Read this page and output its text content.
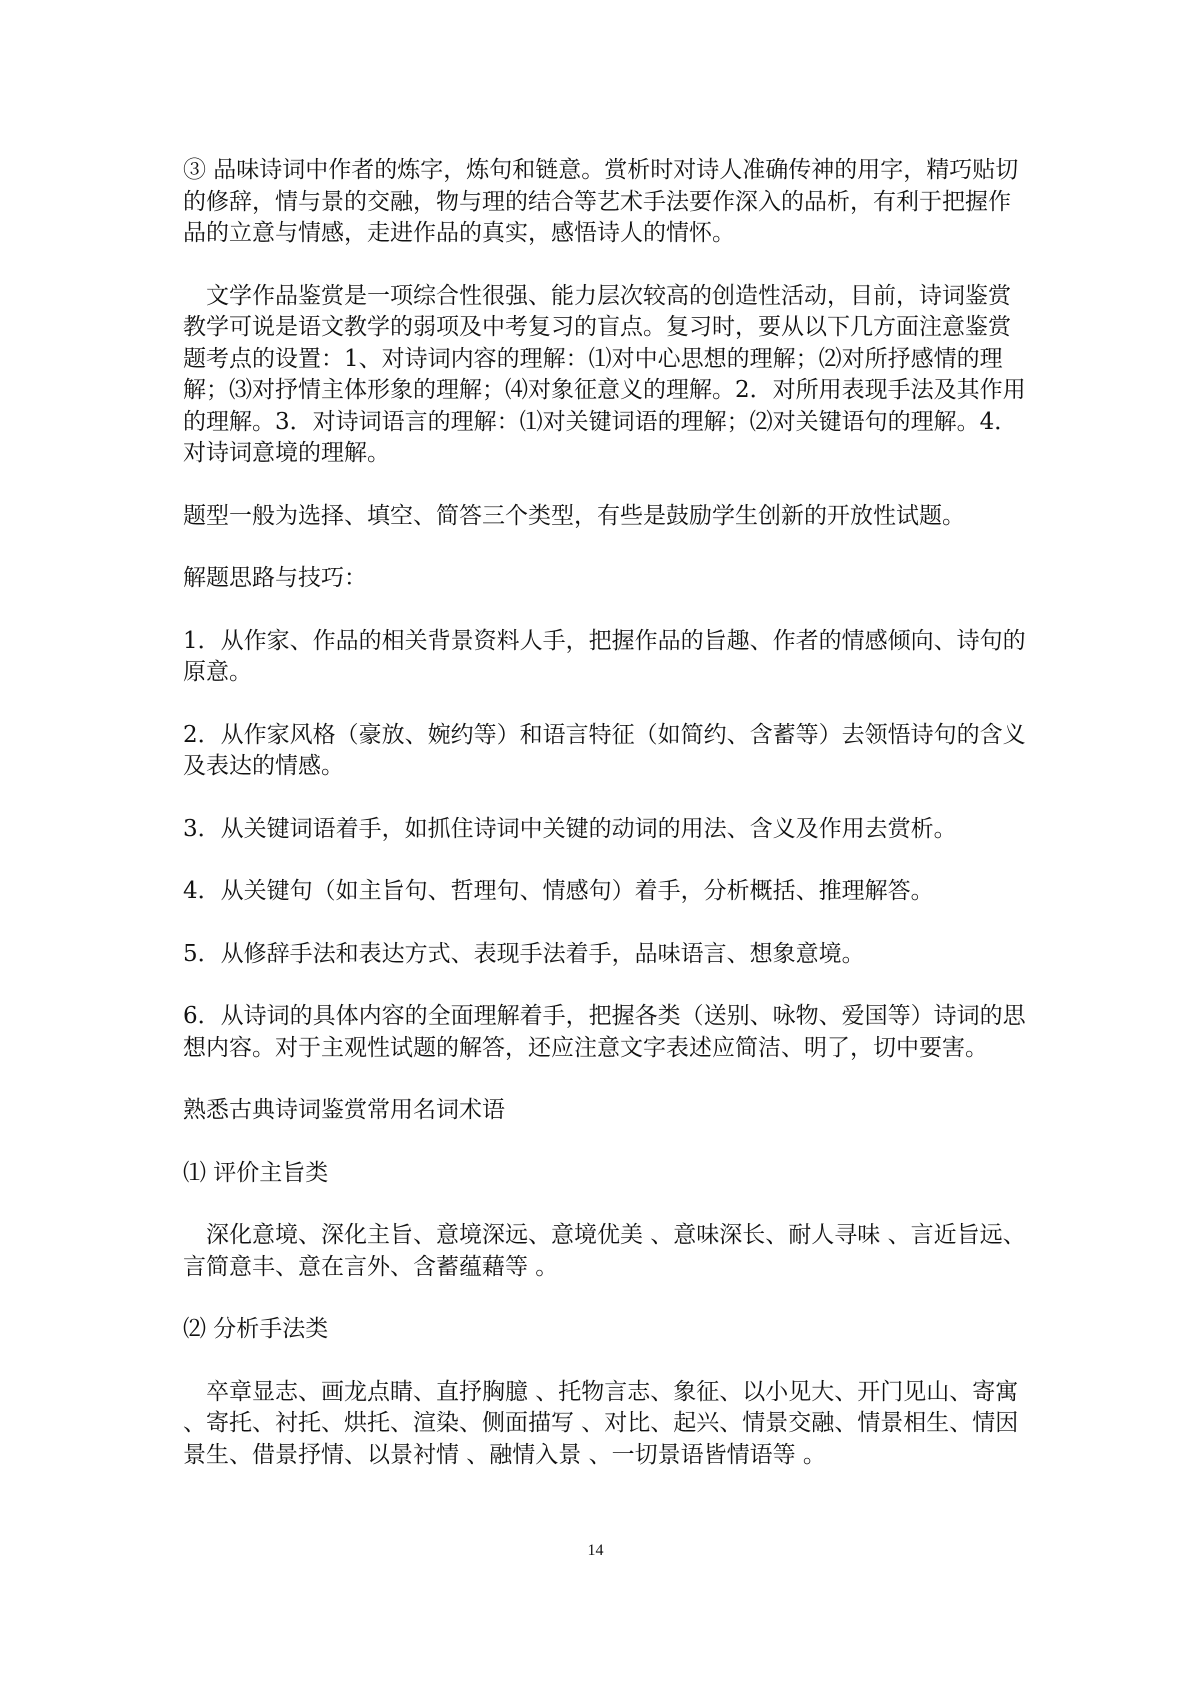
③ 品味诗词中作者的炼字，炼句和链意。赏析时对诗人准确传神的用字，精巧贴切的修辞，情与景的交融，物与理的结合等艺术手法要作深入的品析，有利于把握作品的立意与情感，走进作品的真实，感悟诗人的情怀。

文学作品鉴赏是一项综合性很强、能力层次较高的创造性活动，目前，诗词鉴赏教学可说是语文教学的弱项及中考复习的盲点。复习时，要从以下几方面注意鉴赏题考点的设置：1、对诗词内容的理解：⑴对中心思想的理解；⑵对所抒感情的理解；⑶对抒情主体形象的理解；⑷对象征意义的理解。2．对所用表现手法及其作用的理解。3．对诗词语言的理解：⑴对关键词语的理解；⑵对关键语句的理解。4．对诗词意境的理解。

题型一般为选择、填空、简答三个类型，有些是鼓励学生创新的开放性试题。

解题思路与技巧：

1．从作家、作品的相关背景资料人手，把握作品的旨趣、作者的情感倾向、诗句的原意。

2．从作家风格（豪放、婉约等）和语言特征（如简约、含蓄等）去领悟诗句的含义及表达的情感。

3．从关键词语着手，如抓住诗词中关键的动词的用法、含义及作用去赏析。

4．从关键句（如主旨句、哲理句、情感句）着手，分析概括、推理解答。

5．从修辞手法和表达方式、表现手法着手，品味语言、想象意境。

6．从诗词的具体内容的全面理解着手，把握各类（送别、咏物、爱国等）诗词的思想内容。对于主观性试题的解答，还应注意文字表述应简洁、明了，切中要害。

熟悉古典诗词鉴赏常用名词术语

⑴ 评价主旨类

深化意境、深化主旨、意境深远、意境优美 、意味深长、耐人寻味 、言近旨远、言简意丰、意在言外、含蓄蕴藉等 。

⑵ 分析手法类

卒章显志、画龙点睛、直抒胸臆 、托物言志、象征、以小见大、开门见山、寄寓 、寄托、衬托、烘托、渲染、侧面描写 、对比、起兴、情景交融、情景相生、情因景生、借景抒情、以景衬情 、融情入景 、一切景语皆情语等 。

14
